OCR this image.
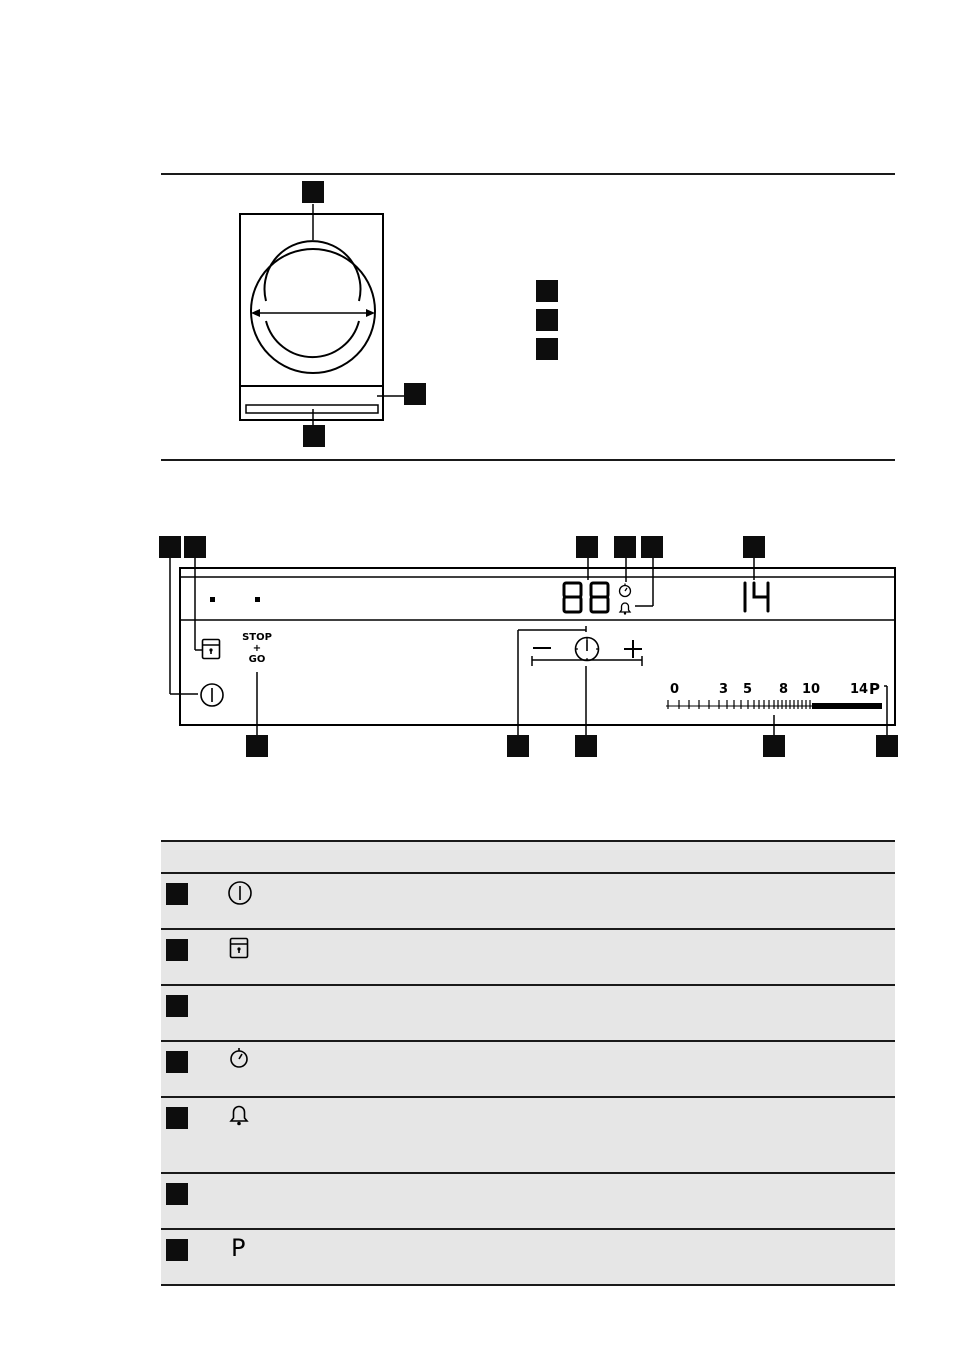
STOP
+
GO
0	3 5 8 10 14 P
P
